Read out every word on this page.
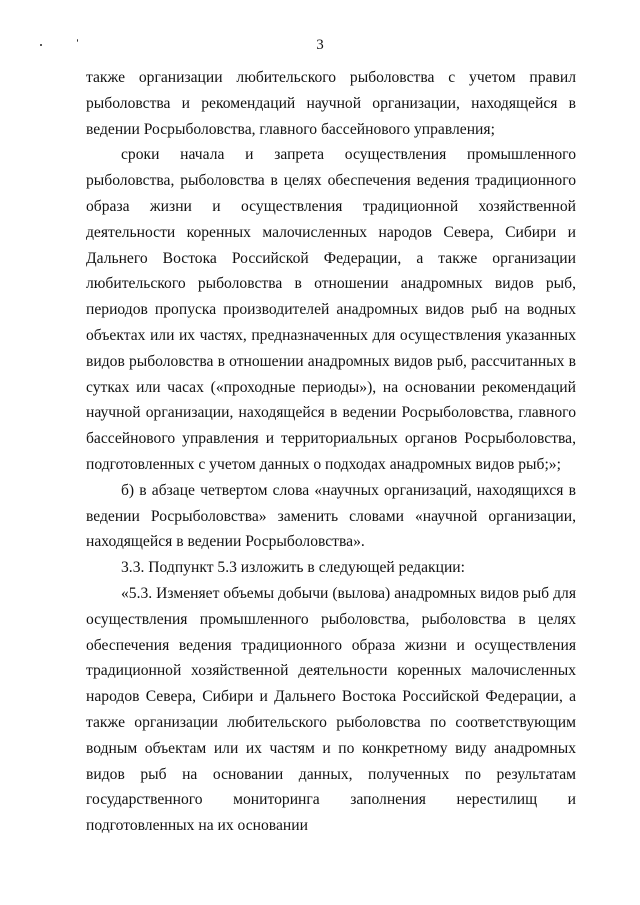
3

также организации любительского рыболовства с учетом правил рыболовства и рекомендаций научной организации, находящейся в ведении Росрыболовства, главного бассейнового управления;

сроки начала и запрета осуществления промышленного рыболовства, рыболовства в целях обеспечения ведения традиционного образа жизни и осуществления традиционной хозяйственной деятельности коренных малочисленных народов Севера, Сибири и Дальнего Востока Российской Федерации, а также организации любительского рыболовства в отношении анадромных видов рыб, периодов пропуска производителей анадромных видов рыб на водных объектах или их частях, предназначенных для осуществления указанных видов рыболовства в отношении анадромных видов рыб, рассчитанных в сутках или часах («проходные периоды»), на основании рекомендаций научной организации, находящейся в ведении Росрыболовства, главного бассейнового управления и территориальных органов Росрыболовства, подготовленных с учетом данных о подходах анадромных видов рыб;»;

б) в абзаце четвертом слова «научных организаций, находящихся в ведении Росрыболовства» заменить словами «научной организации, находящейся в ведении Росрыболовства».

3.3. Подпункт 5.3 изложить в следующей редакции:

«5.3. Изменяет объемы добычи (вылова) анадромных видов рыб для осуществления промышленного рыболовства, рыболовства в целях обеспечения ведения традиционного образа жизни и осуществления традиционной хозяйственной деятельности коренных малочисленных народов Севера, Сибири и Дальнего Востока Российской Федерации, а также организации любительского рыболовства по соответствующим водным объектам или их частям и по конкретному виду анадромных видов рыб на основании данных, полученных по результатам государственного мониторинга заполнения нерестилищ и подготовленных на их основании
